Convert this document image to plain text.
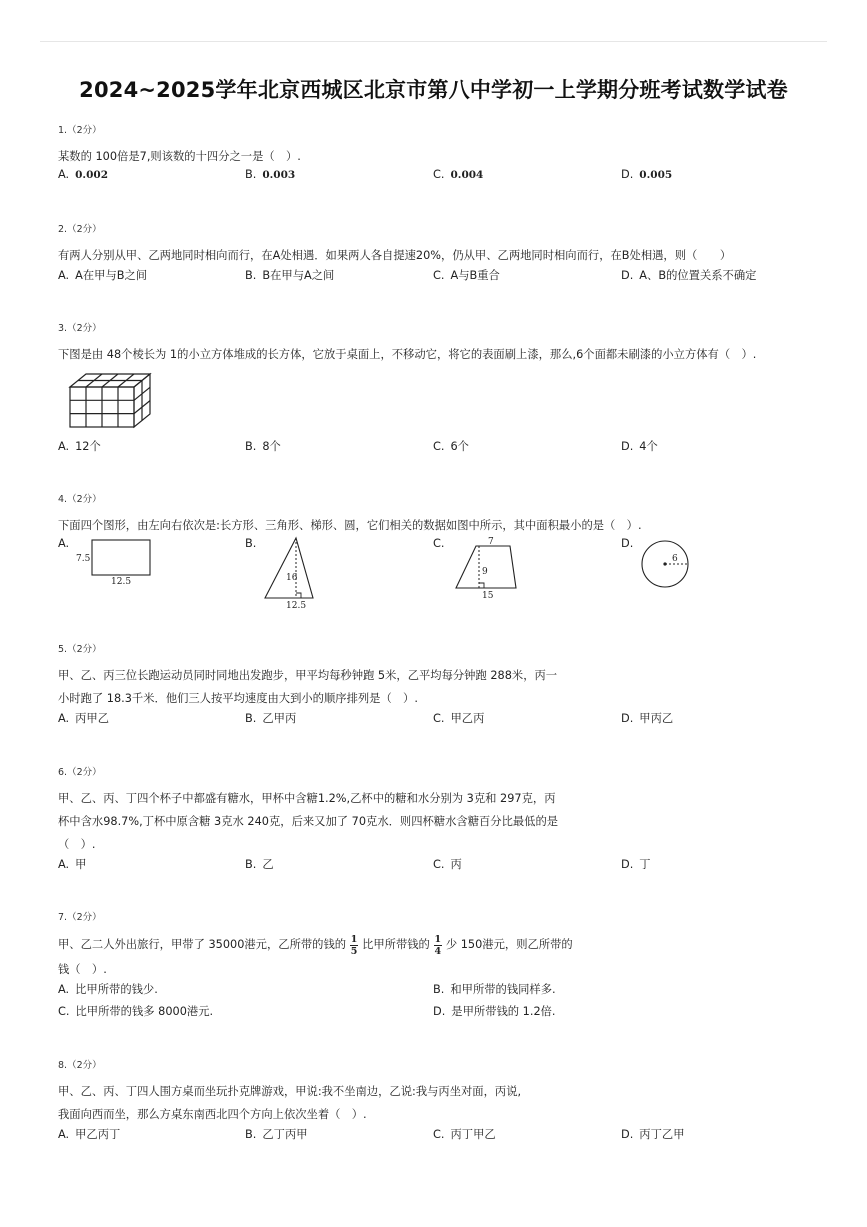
2024~2025学年北京西城区北京市第八中学初一上学期分班考试数学试卷
1.（2分）
某数的 100倍是7,则该数的十四分之一是（　）.
A. 0.002	B. 0.003	C. 0.004	D. 0.005
2.（2分）
有两人分别从甲、乙两地同时相向而行，在A处相遇．如果两人各自提速20%，仍从甲、乙两地同时相向而行，在B处相遇，则（　　）
A. A在甲与B之间	B. B在甲与A之间	C. A与B重合	D. A、B的位置关系不确定
3.（2分）
下图是由 48个棱长为 1的小立方体堆成的长方体，它放于桌面上，不移动它，将它的表面刷上漆，那么,6个面都未刷漆的小立方体有（　）.
A. 12个	B. 8个	C. 6个	D. 4个
4.（2分）
下面四个图形，由左向右依次是:长方形、三角形、梯形、圆，它们相关的数据如图中所示，其中面积最小的是（　）.
A.	B.	C.	D.
7.5
12.5	16
12.5
7
9
15
6
5.（2分）
甲、乙、丙三位长跑运动员同时同地出发跑步，甲平均每秒钟跑 5米，乙平均每分钟跑 288米，丙一
小时跑了 18.3千米．他们三人按平均速度由大到小的顺序排列是（　）.
A. 丙甲乙	B. 乙甲丙	C. 甲乙丙	D. 甲丙乙
6.（2分）
甲、乙、丙、丁四个杯子中都盛有糖水，甲杯中含糖1.2%,乙杯中的糖和水分别为 3克和 297克，丙
杯中含水98.7%,丁杯中原含糖 3克水 240克，后来又加了 70克水．则四杯糖水含糖百分比最低的是
（　）.
A. 甲	B. 乙	C. 丙	D. 丁
7.（2分）
甲、乙二人外出旅行，甲带了 35000港元，乙所带的钱的 $\frac{1}{5}$ 比甲所带钱的 $\frac{1}{4}$ 少 150港元，则乙所带的
钱（　）.
A. 比甲所带的钱少.	B. 和甲所带的钱同样多.
C. 比甲所带的钱多 8000港元.	D. 是甲所带钱的 1.2倍.
8.（2分）
甲、乙、丙、丁四人围方桌而坐玩扑克牌游戏，甲说:我不坐南边，乙说:我与丙坐对面，丙说,
我面向西而坐，那么方桌东南西北四个方向上依次坐着（　）.
A. 甲乙丙丁	B. 乙丁丙甲	C. 丙丁甲乙	D. 丙丁乙甲
